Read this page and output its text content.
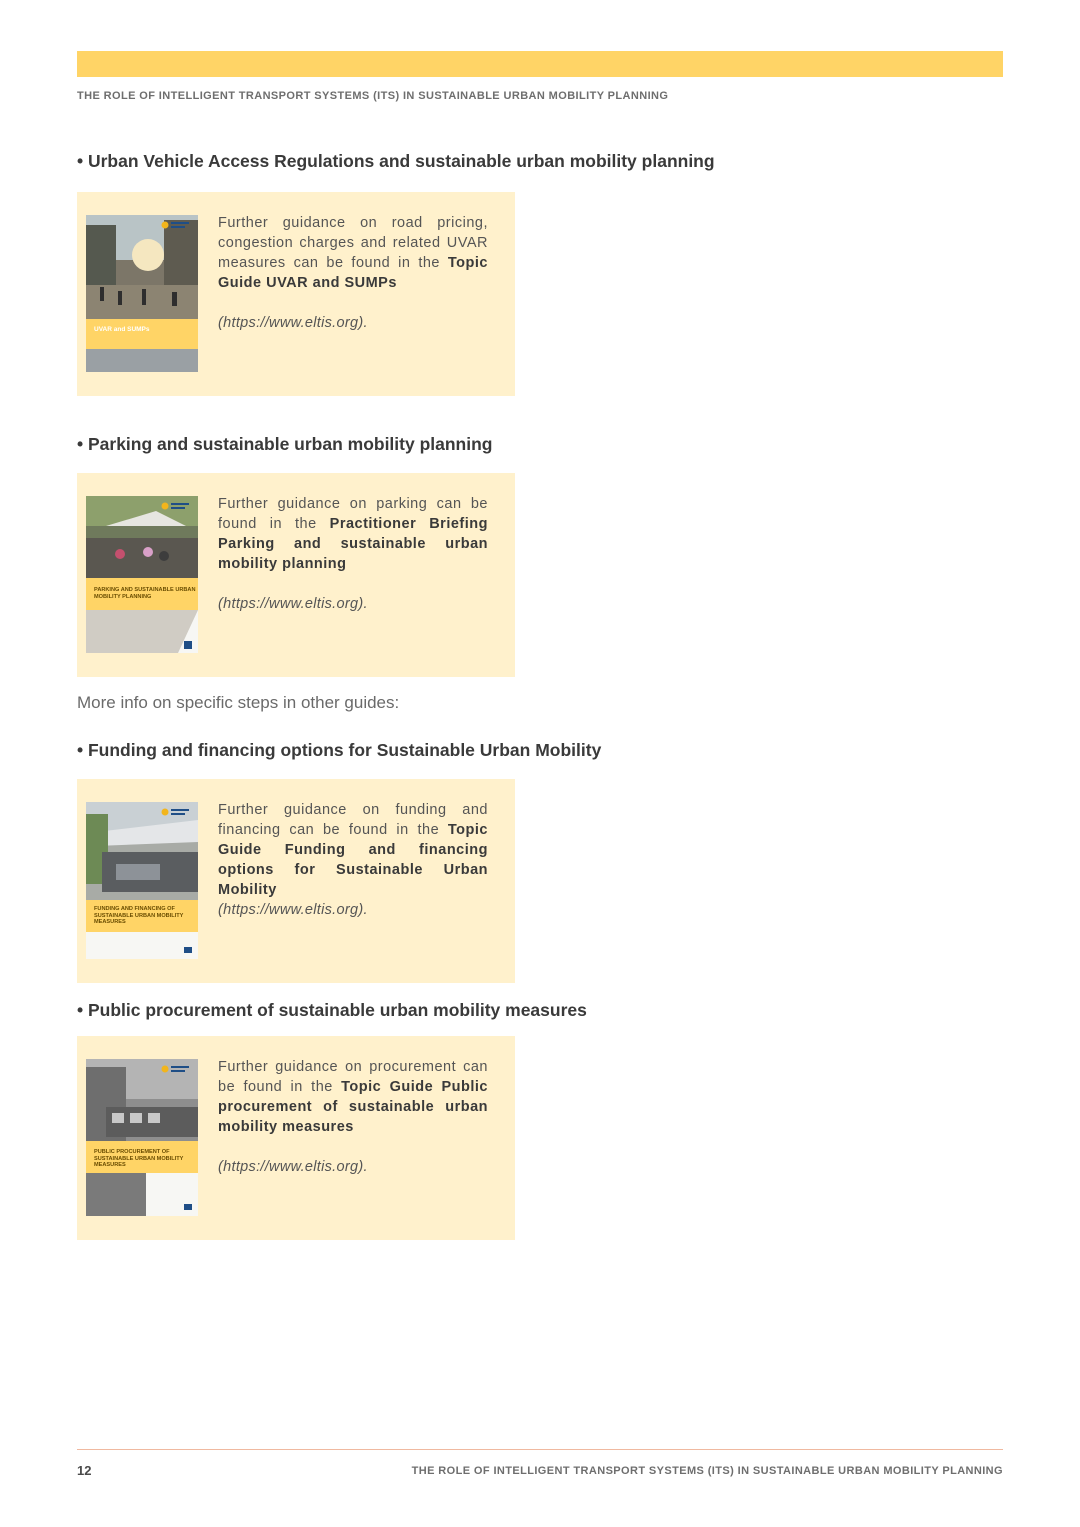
THE ROLE OF INTELLIGENT TRANSPORT SYSTEMS (ITS) IN SUSTAINABLE URBAN MOBILITY PLANNING
• Urban Vehicle Access Regulations and sustainable urban mobility planning
UVAR and SUMPs
Further guidance on road pricing, congestion charges and related UVAR measures can be found in the Topic Guide UVAR and SUMPs
(https://www.eltis.org).
• Parking and sustainable urban mobility planning
PARKING AND SUSTAINABLE URBAN MOBILITY PLANNING
Further guidance on parking can be found in the Practitioner Briefing Parking and sustainable urban mobility planning
(https://www.eltis.org).
More info on specific steps in other guides:
• Funding and financing options for Sustainable Urban Mobility
FUNDING AND FINANCING OF SUSTAINABLE URBAN MOBILITY MEASURES
Further guidance on funding and financing can be found in the Topic Guide Funding and financing options for Sustainable Urban Mobility
(https://www.eltis.org).
• Public procurement of sustainable urban mobility measures
PUBLIC PROCUREMENT OF SUSTAINABLE URBAN MOBILITY MEASURES
Further guidance on procurement can be found in the Topic Guide Public procurement of sustainable urban mobility measures
(https://www.eltis.org).
12	THE ROLE OF INTELLIGENT TRANSPORT SYSTEMS (ITS) IN SUSTAINABLE URBAN MOBILITY PLANNING
